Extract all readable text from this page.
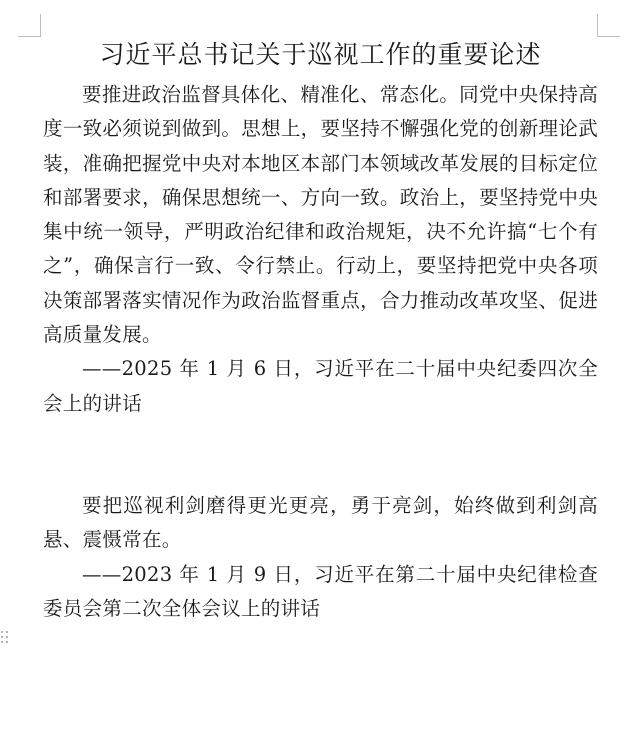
习近平总书记关于巡视工作的重要论述

要推进政治监督具体化、精准化、常态化。同党中央保持高度一致必须说到做到。思想上，要坚持不懈强化党的创新理论武装，准确把握党中央对本地区本部门本领域改革发展的目标定位和部署要求，确保思想统一、方向一致。政治上，要坚持党中央集中统一领导，严明政治纪律和政治规矩，决不允许搞“七个有之”，确保言行一致、令行禁止。行动上，要坚持把党中央各项决策部署落实情况作为政治监督重点，合力推动改革攻坚、促进高质量发展。

——2025 年 1 月 6 日，习近平在二十届中央纪委四次全会上的讲话

要把巡视利剑磨得更光更亮，勇于亮剑，始终做到利剑高悬、震慑常在。

——2023 年 1 月 9 日，习近平在第二十届中央纪律检查委员会第二次全体会议上的讲话
